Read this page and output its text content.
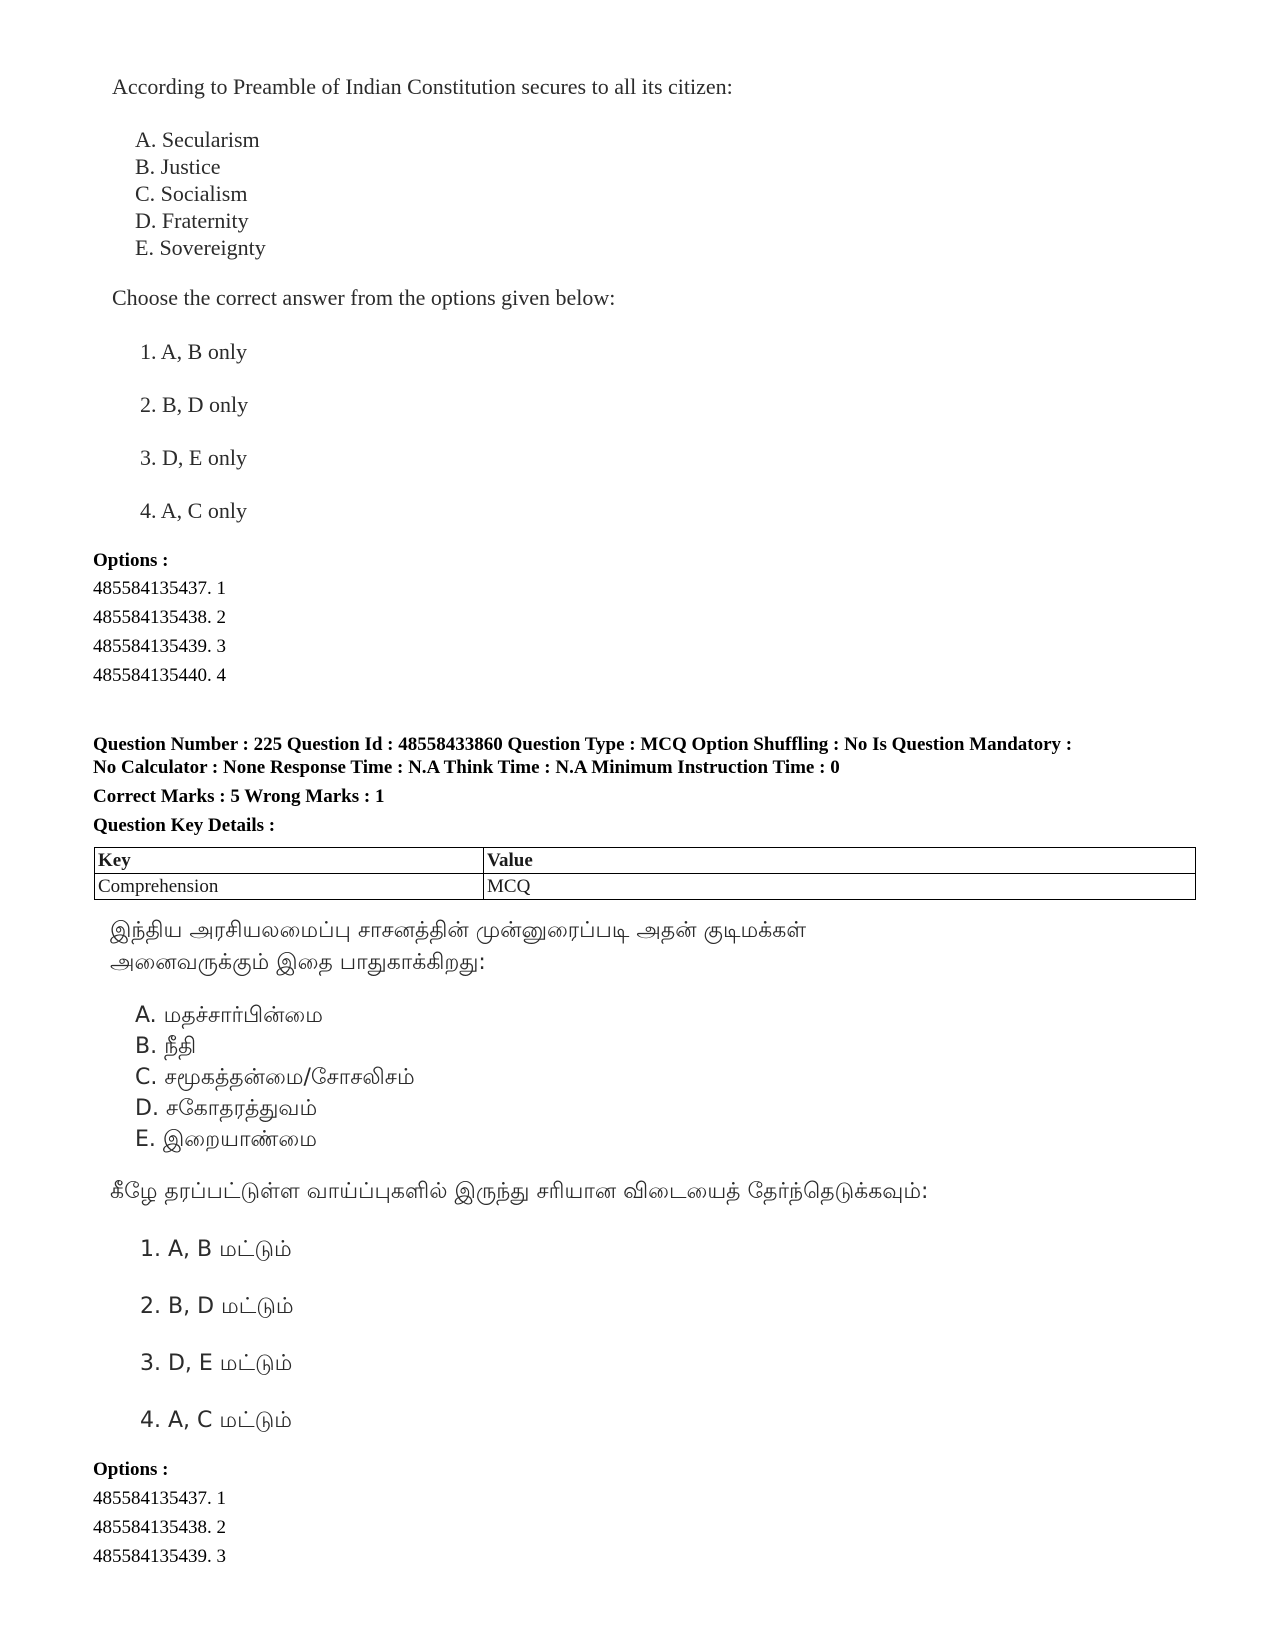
According to Preamble of Indian Constitution secures to all its citizen:
A. Secularism
B. Justice
C. Socialism
D. Fraternity
E. Sovereignty
Choose the correct answer from the options given below:
1. A, B only
2. B, D only
3. D, E only
4. A, C only
Options :
485584135437. 1
485584135438. 2
485584135439. 3
485584135440. 4
Question Number : 225 Question Id : 48558433860 Question Type : MCQ Option Shuffling : No Is Question Mandatory :
No Calculator : None Response Time : N.A Think Time : N.A Minimum Instruction Time : 0
Correct Marks : 5 Wrong Marks : 1
Question Key Details :
Key	Value
Comprehension	MCQ
இந்திய அரசியலமைப்பு சாசனத்தின் முன்னுரைப்படி அதன் குடிமக்கள்
அனைவருக்கும் இதை பாதுகாக்கிறது:
A. மதச்சார்பின்மை
B. நீதி
C. சமூகத்தன்மை/சோசலிசம்
D. சகோதரத்துவம்
E. இறையாண்மை
கீழே தரப்பட்டுள்ள வாய்ப்புகளில் இருந்து சரியான விடையைத் தேர்ந்தெடுக்கவும்:
1. A, B மட்டும்
2. B, D மட்டும்
3. D, E மட்டும்
4. A, C மட்டும்
Options :
485584135437. 1
485584135438. 2
485584135439. 3
